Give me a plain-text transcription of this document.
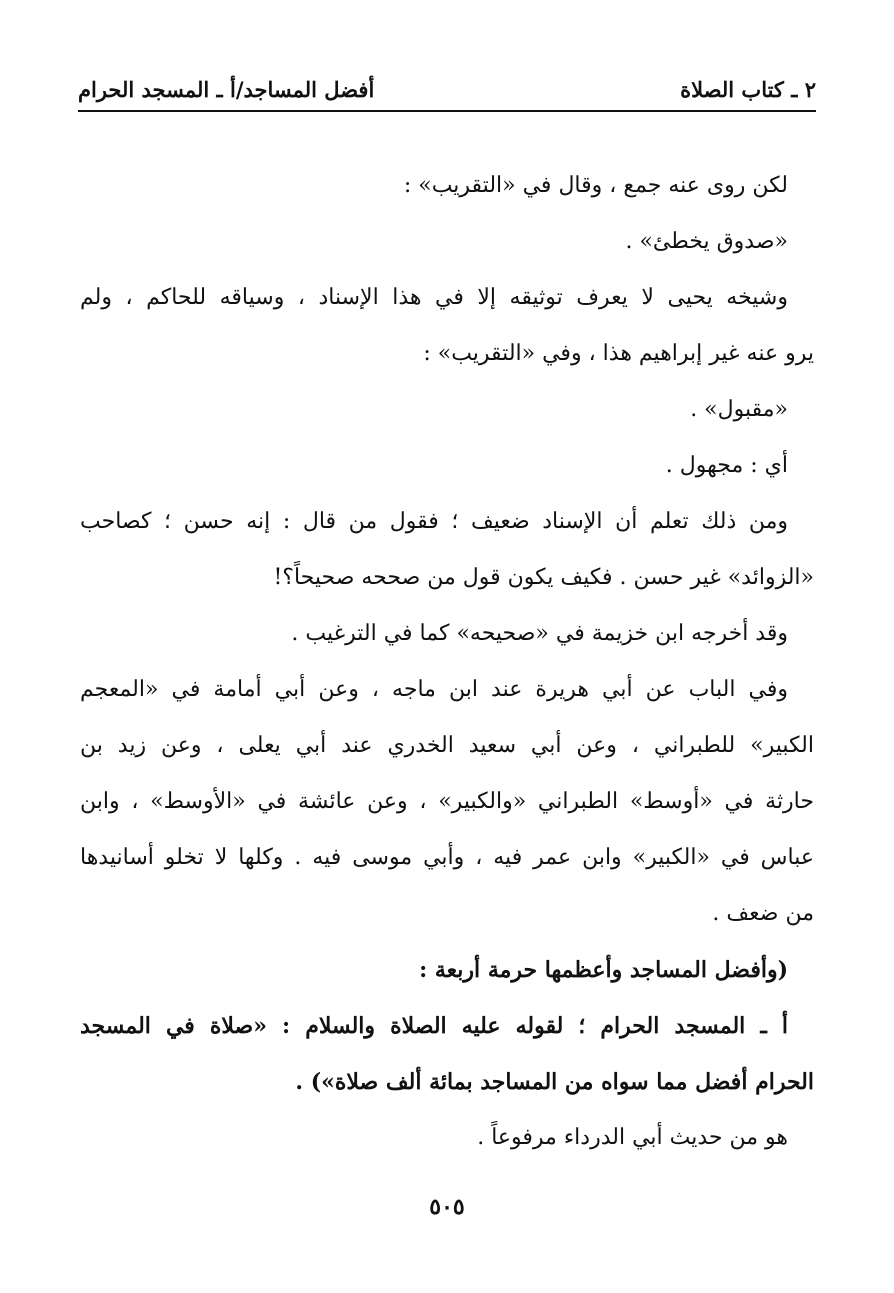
٢ ـ كتاب الصلاة
أفضل المساجد/أ ـ المسجد الحرام
لكن روى عنه جمع ، وقال في «التقريب» :
«صدوق يخطئ» .
وشيخه يحيى لا يعرف توثيقه إلا في هذا الإسناد ، وسياقه للحاكم ، ولم
يرو عنه غير إبراهيم هذا ، وفي «التقريب» :
«مقبول» .
أي : مجهول .
ومن ذلك تعلم أن الإسناد ضعيف ؛ فقول من قال : إنه حسن ؛ كصاحب
«الزوائد» غير حسن . فكيف يكون قول من صححه صحيحاً؟!
وقد أخرجه ابن خزيمة في «صحيحه» كما في الترغيب .
وفي الباب عن أبي هريرة عند ابن ماجه ، وعن أبي أمامة في «المعجم
الكبير» للطبراني ، وعن أبي سعيد الخدري عند أبي يعلى ، وعن زيد بن
حارثة في «أوسط» الطبراني «والكبير» ، وعن عائشة في «الأوسط» ، وابن
عباس في «الكبير» وابن عمر فيه ، وأبي موسى فيه . وكلها لا تخلو أسانيدها
من ضعف .
(وأفضل المساجد وأعظمها حرمة أربعة :
أ ـ المسجد الحرام ؛ لقوله عليه الصلاة والسلام : «صلاة في المسجد
الحرام أفضل مما سواه من المساجد بمائة ألف صلاة») .
هو من حديث أبي الدرداء مرفوعاً .
٥٠٥
